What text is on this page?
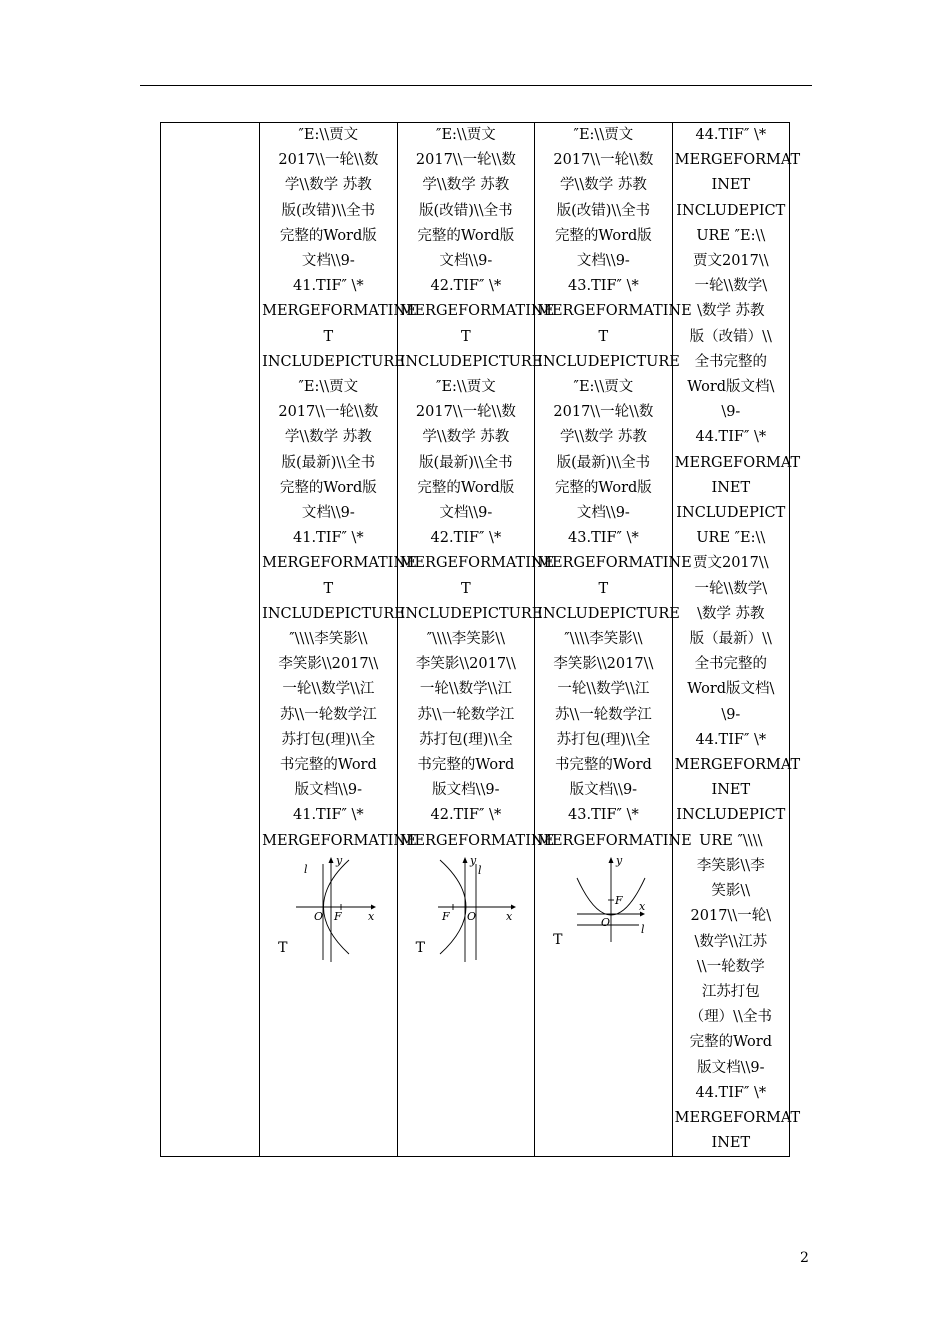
″E:\\贾文
2017\\一轮\\数
学\\数学 苏教
版(改错)\\全书
完整的Word版
文档\\9-
41.TIF″ \*
MERGEFORMATINE
T
INCLUDEPICTURE
″E:\\贾文
2017\\一轮\\数
学\\数学 苏教
版(最新)\\全书
完整的Word版
文档\\9-
41.TIF″ \*
MERGEFORMATINE
T
INCLUDEPICTURE
″\\\\李笑影\\
李笑影\\2017\\
一轮\\数学\\江
苏\\一轮数学江
苏打包(理)\\全
书完整的Word
版文档\\9-
41.TIF″ \*
MERGEFORMATINE
T
l
y
O F x

″E:\\贾文
2017\\一轮\\数
学\\数学 苏教
版(改错)\\全书
完整的Word版
文档\\9-
42.TIF″ \*
MERGEFORMATINE
T
INCLUDEPICTURE
″E:\\贾文
2017\\一轮\\数
学\\数学 苏教
版(最新)\\全书
完整的Word版
文档\\9-
42.TIF″ \*
MERGEFORMATINE
T
INCLUDEPICTURE
″\\\\李笑影\\
李笑影\\2017\\
一轮\\数学\\江
苏\\一轮数学江
苏打包(理)\\全
书完整的Word
版文档\\9-
42.TIF″ \*
MERGEFORMATINE
T
l
y
O
F	x

″E:\\贾文
2017\\一轮\\数
学\\数学 苏教
版(改错)\\全书
完整的Word版
文档\\9-
43.TIF″ \*
MERGEFORMATINE
T
INCLUDEPICTURE
″E:\\贾文
2017\\一轮\\数
学\\数学 苏教
版(最新)\\全书
完整的Word版
文档\\9-
43.TIF″ \*
MERGEFORMATINE
T
INCLUDEPICTURE
″\\\\李笑影\\
李笑影\\2017\\
一轮\\数学\\江
苏\\一轮数学江
苏打包(理)\\全
书完整的Word
版文档\\9-
43.TIF″ \*
MERGEFORMATINE
T
y
F x
O
l

44.TIF″ \*
MERGEFORMAT
INET
INCLUDEPICT
URE ″E:\\
贾文2017\\
一轮\\数学\
\数学 苏教
版（改错）\\
全书完整的
Word版文档\
\9-
44.TIF″ \*
MERGEFORMAT
INET
INCLUDEPICT
URE ″E:\\
贾文2017\\
一轮\\数学\
\数学 苏教
版（最新）\\
全书完整的
Word版文档\
\9-
44.TIF″ \*
MERGEFORMAT
INET
INCLUDEPICT
URE ″\\\\
李笑影\\李
笑影\\
2017\\一轮\
\数学\\江苏
\\一轮数学
江苏打包
（理）\\全书
完整的Word
版文档\\9-
44.TIF″ \*
MERGEFORMAT
INET
2
